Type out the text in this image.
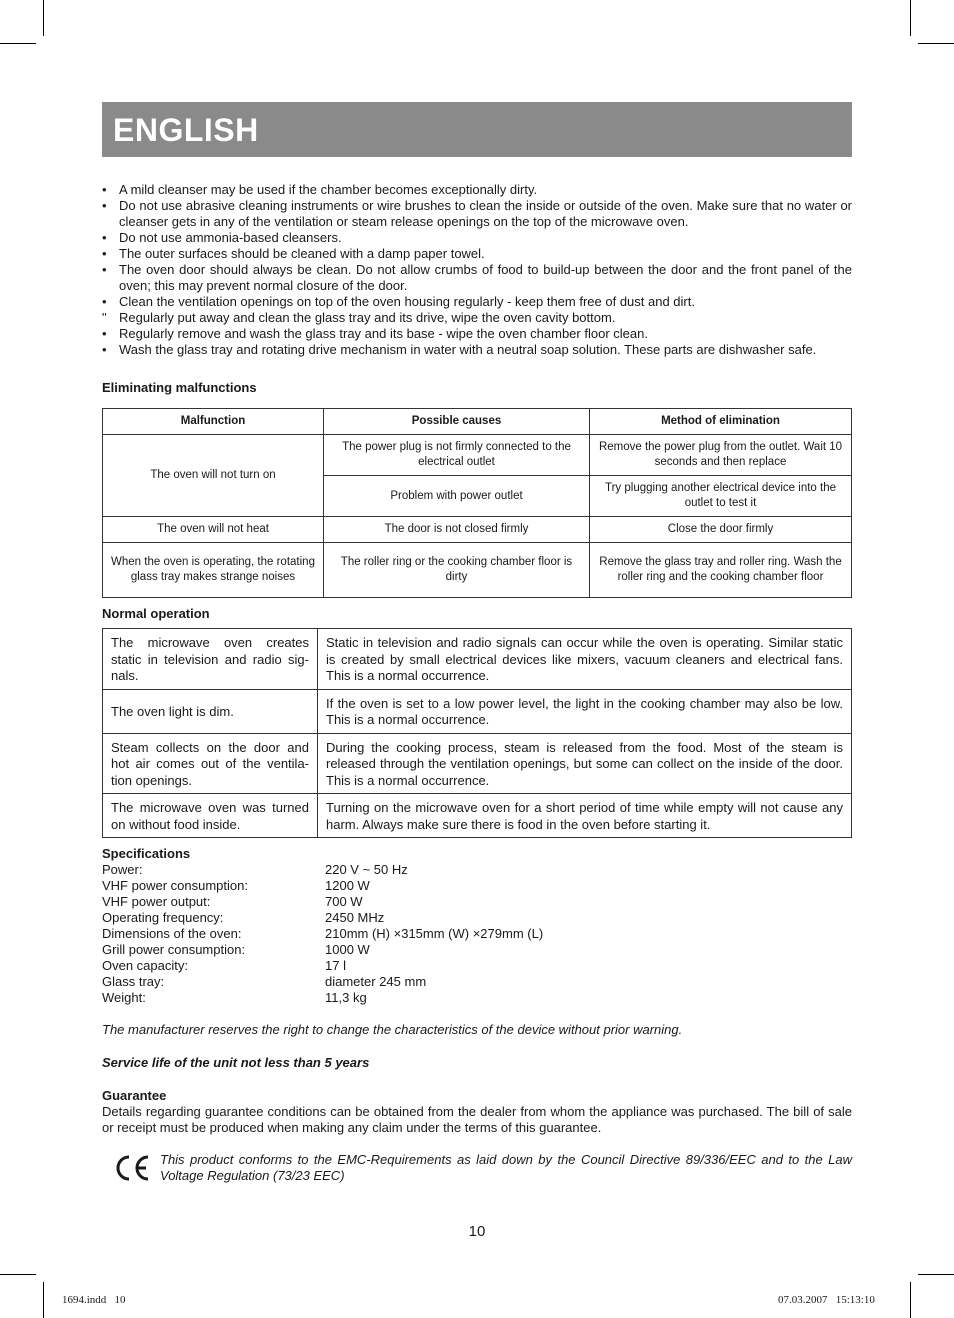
ENGLISH
• A mild cleanser may be used if the chamber becomes exceptionally dirty.
• Do not use abrasive cleaning instruments or wire brushes to clean the inside or outside of the oven. Make sure that no water or cleanser gets in any of the ventilation or steam release openings on the top of the microwave oven.
• Do not use ammonia-based cleansers.
• The outer surfaces should be cleaned with a damp paper towel.
• The oven door should always be clean. Do not allow crumbs of food to build-up between the door and the front panel of the oven; this may prevent normal closure of the door.
• Clean the ventilation openings on top of the oven housing regularly - keep them free of dust and dirt.
" Regularly put away and clean the glass tray and its drive, wipe the oven cavity bottom.
• Regularly remove and wash the glass tray and its base - wipe the oven chamber floor clean.
• Wash the glass tray and rotating drive mechanism in water with a neutral soap solution. These parts are dishwasher safe.
Eliminating malfunctions
Malfunction	Possible causes	Method of elimination
The oven will not turn on	The power plug is not firmly connected to the electrical outlet	Remove the power plug from the outlet. Wait 10 seconds and then replace
	Problem with power outlet	Try plugging another electrical device into the outlet to test it
The oven will not heat	The door is not closed firmly	Close the door firmly
When the oven is operating, the rotating glass tray makes strange noises	The roller ring or the cooking chamber floor is dirty	Remove the glass tray and roller ring. Wash the roller ring and the cooking chamber floor
Normal operation
The microwave oven creates static in television and radio sig-nals.	Static in television and radio signals can occur while the oven is operating. Similar static is created by small electrical devices like mixers, vacuum cleaners and electrical fans. This is a normal occurrence.
The oven light is dim.	If the oven is set to a low power level, the light in the cooking chamber may also be low. This is a normal occurrence.
Steam collects on the door and hot air comes out of the ventila-tion openings.	During the cooking process, steam is released from the food. Most of the steam is released through the ventilation openings, but some can collect on the inside of the door. This is a normal occurrence.
The microwave oven was turned on without food inside.	Turning on the microwave oven for a short period of time while empty will not cause any harm. Always make sure there is food in the oven before starting it.
Specifications
Power:	220 V ~ 50 Hz
VHF power consumption:	1200 W
VHF power output:	700 W
Operating frequency:	2450 MHz
Dimensions of the oven:	210mm (H) ×315mm (W) ×279mm (L)
Grill power consumption:	1000 W
Oven capacity:	17 l
Glass tray:	diameter 245 mm
Weight:	11,3 kg
The manufacturer reserves the right to change the characteristics of the device without prior warning.
Service life of the unit not less than 5 years
Guarantee
Details regarding guarantee conditions can be obtained from the dealer from whom the appliance was purchased. The bill of sale or receipt must be produced when making any claim under the terms of this guarantee.
This product conforms to the EMC-Requirements as laid down by the Council Directive 89/336/EEC and to the Law Voltage Regulation (73/23 EEC)
10
1694.indd   10	07.03.2007   15:13:10
